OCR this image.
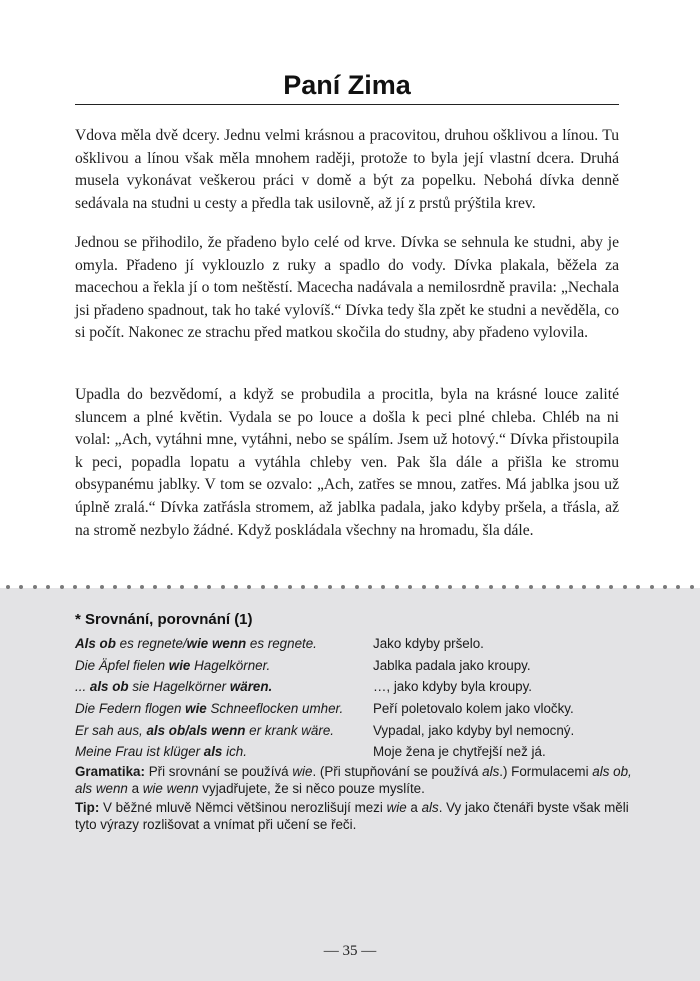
Paní Zima

Vdova měla dvě dcery. Jednu velmi krásnou a pracovitou, druhou ošklivou a línou. Tu ošklivou a línou však měla mnohem raději, protože to byla její vlastní dcera. Druhá musela vykonávat veškerou práci v domě a být za popelku. Nebohá dívka denně sedávala na studni u cesty a předla tak usilovně, až jí z prstů prýštila krev.

Jednou se přihodilo, že přadeno bylo celé od krve. Dívka se sehnula ke studni, aby je omyla. Přadeno jí vyklouzlo z ruky a spadlo do vody. Dívka plakala, běžela za macechou a řekla jí o tom neštěstí. Macecha nadávala a nemilosrdně pravila: „Nechala jsi přadeno spadnout, tak ho také vylovíš.“ Dívka tedy šla zpět ke studni a nevěděla, co si počít. Nakonec ze strachu před matkou skočila do studny, aby přadeno vylovila.

Upadla do bezvědomí, a když se probudila a procitla, byla na krásné louce zalité sluncem a plné květin. Vydala se po louce a došla k peci plné chleba. Chléb na ni volal: „Ach, vytáhni mne, vytáhni, nebo se spálím. Jsem už hotový.“ Dívka přistoupila k peci, popadla lopatu a vytáhla chleby ven. Pak šla dále a přišla ke stromu obsypanému jablky. V tom se ozvalo: „Ach, zatřes se mnou, zatřes. Má jablka jsou už úplně zralá.“ Dívka zatřásla stromem, až jablka padala, jako kdyby pršela, a třásla, až na stromě nezbylo žádné. Když poskládala všechny na hromadu, šla dále.

* Srovnání, porovnání (1)
Als ob es regnete/wie wenn es regnete.	Jako kdyby pršelo.
Die Äpfel fielen wie Hagelkörner.	Jablka padala jako kroupy.
... als ob sie Hagelkörner wären.	…, jako kdyby byla kroupy.
Die Federn flogen wie Schneeflocken umher. Peří poletovalo kolem jako vločky.
Er sah aus, als ob/als wenn er krank wäre.	Vypadal, jako kdyby byl nemocný.
Meine Frau ist klüger als ich.	Moje žena je chytřejší než já.
Gramatika: Při srovnání se používá wie. (Při stupňování se používá als.) Formulacemi als ob, als wenn a wie wenn vyjadřujete, že si něco pouze myslíte.
Tip: V běžné mluvě Němci většinou nerozlišují mezi wie a als. Vy jako čtenáři byste však měli tyto výrazy rozlišovat a vnímat při učení se řeči.
— 35 —
